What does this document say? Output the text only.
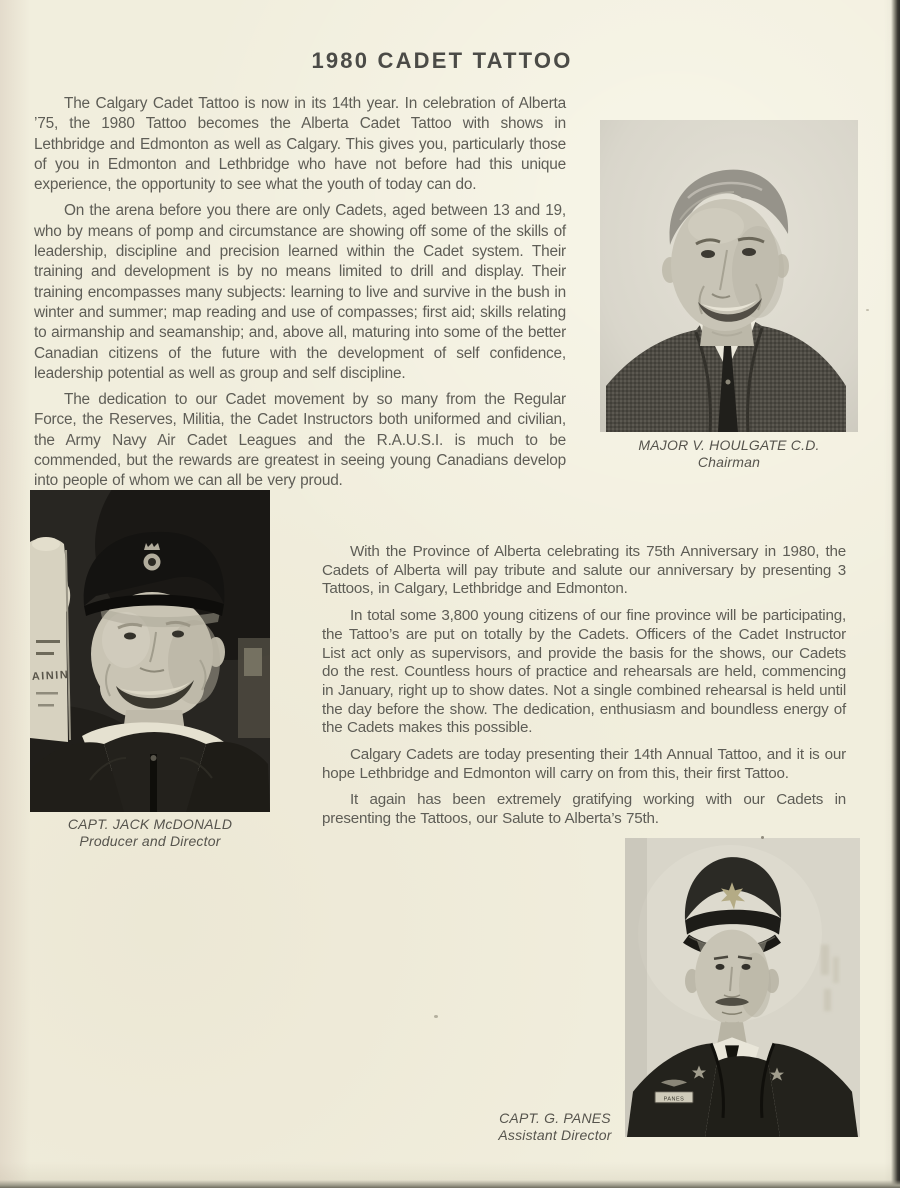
1980 CADET TATTOO

The Calgary Cadet Tattoo is now in its 14th year. In celebration of Alberta ’75, the 1980 Tattoo becomes the Alberta Cadet Tattoo with shows in Lethbridge and Edmonton as well as Calgary. This gives you, particularly those of you in Edmonton and Lethbridge who have not before had this unique experience, the opportunity to see what the youth of today can do.

On the arena before you there are only Cadets, aged between 13 and 19, who by means of pomp and circumstance are showing off some of the skills of leadership, discipline and precision learned within the Cadet system. Their training and development is by no means limited to drill and display. Their training encompasses many subjects: learning to live and survive in the bush in winter and summer; map reading and use of compasses; first aid; skills relating to airmanship and seamanship; and, above all, maturing into some of the better Canadian citizens of the future with the development of self confidence, leadership potential as well as group and self discipline.

The dedication to our Cadet movement by so many from the Regular Force, the Reserves, Militia, the Cadet Instructors both uniformed and civilian, the Army Navy Air Cadet Leagues and the R.A.U.S.I. is much to be commended, but the rewards are greatest in seeing young Canadians develop into people of whom we can all be very proud.

MAJOR V. HOULGATE C.D.
Chairman
AININ
CAPT. JACK McDONALD
Producer and Director

With the Province of Alberta celebrating its 75th Anniversary in 1980, the Cadets of Alberta will pay tribute and salute our anniversary by presenting 3 Tattoos, in Calgary, Lethbridge and Edmonton.

In total some 3,800 young citizens of our fine province will be participating, the Tattoo’s are put on totally by the Cadets. Officers of the Cadet Instructor List act only as supervisors, and provide the basis for the shows, our Cadets do the rest. Countless hours of practice and rehearsals are held, commencing in January, right up to show dates. Not a single combined rehearsal is held until the day before the show. The dedication, enthusiasm and boundless energy of the Cadets makes this possible.

Calgary Cadets are today presenting their 14th Annual Tattoo, and it is our hope Lethbridge and Edmonton will carry on from this, their first Tattoo.

It again has been extremely gratifying working with our Cadets in presenting the Tattoos, our Salute to Alberta’s 75th.

PANES
CAPT. G. PANES
Assistant Director
